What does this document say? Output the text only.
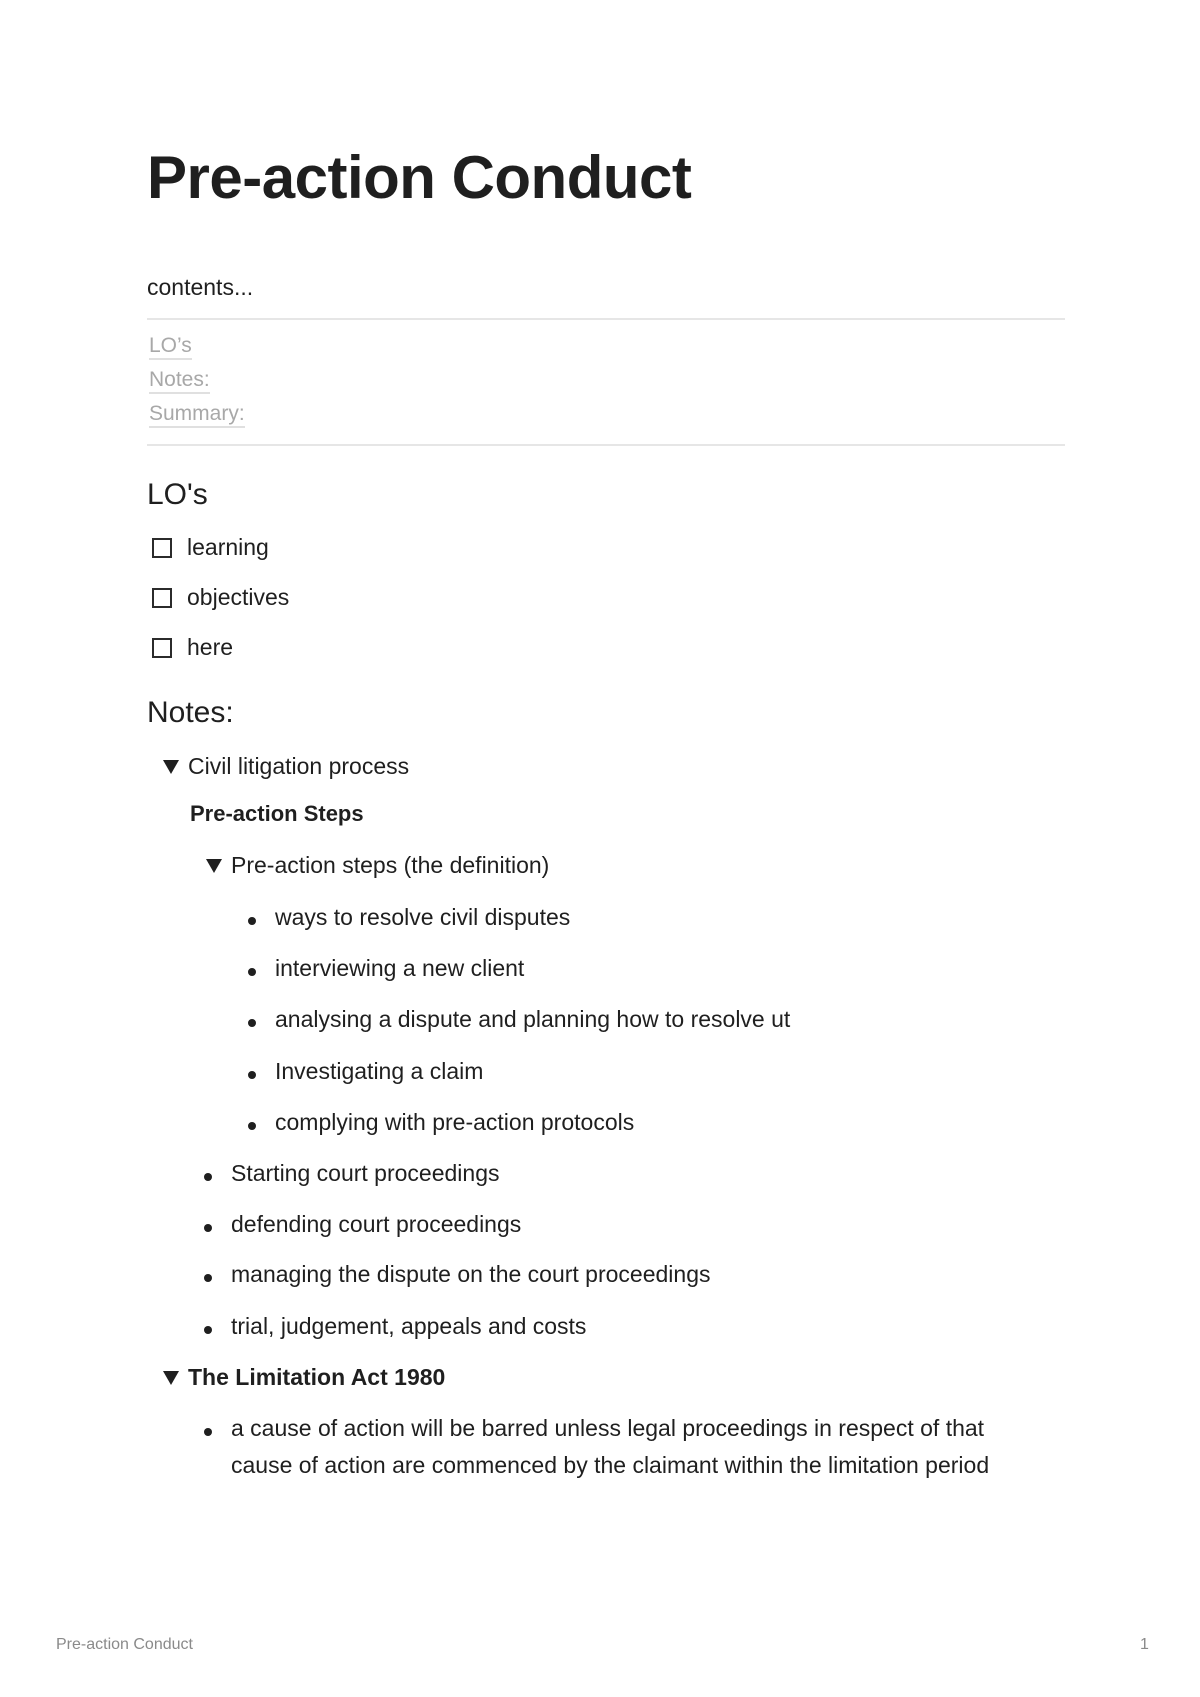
Pre-action Conduct
contents...
LO’s
Notes:
Summary:
LO's
learning
objectives
here
Notes:
Civil litigation process
Pre-action Steps
Pre-action steps (the definition)
ways to resolve civil disputes
interviewing a new client
analysing a dispute and planning how to resolve ut
Investigating a claim
complying with pre-action protocols
Starting court proceedings
defending court proceedings
managing the dispute on the court proceedings
trial, judgement, appeals and costs
The Limitation Act 1980
a cause of action will be barred unless legal proceedings in respect of that cause of action are commenced by the claimant within the limitation period
Pre-action Conduct	1
